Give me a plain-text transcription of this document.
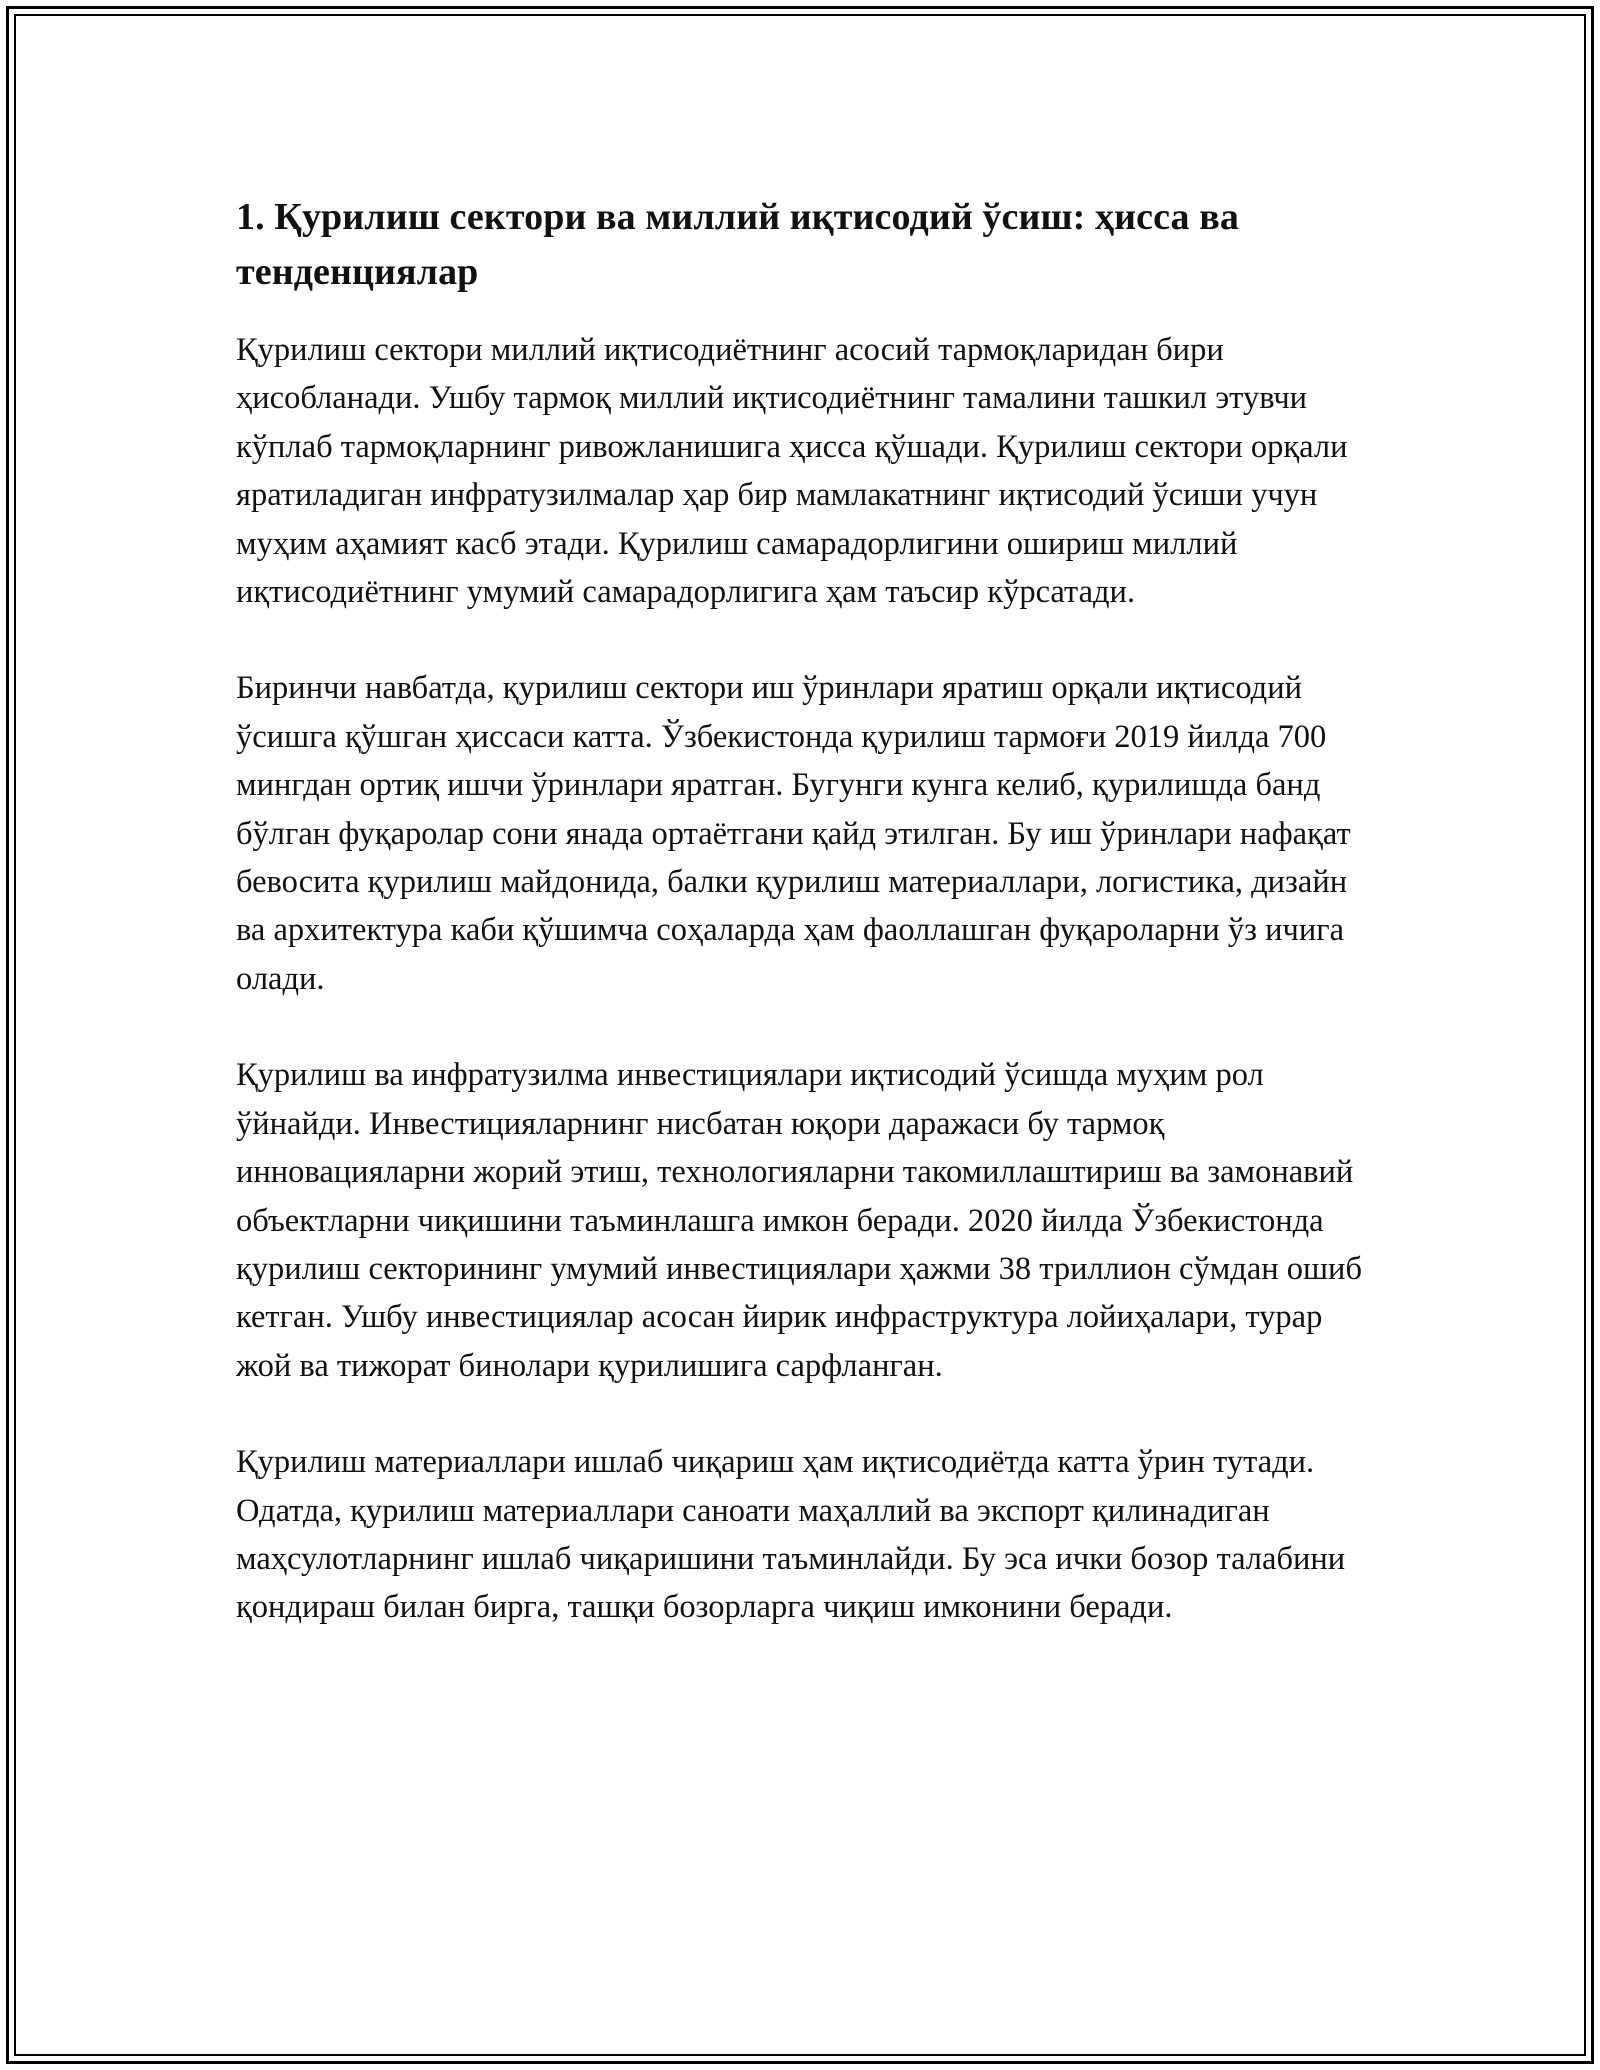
1. Қурилиш сектори ва миллий иқтисодий ўсиш: ҳисса ва тенденциялар

Қурилиш сектори миллий иқтисодиётнинг асосий тармоқларидан бири ҳисобланади. Ушбу тармоқ миллий иқтисодиётнинг тамалини ташкил этувчи кўплаб тармоқларнинг ривожланишига ҳисса қўшади. Қурилиш сектори орқали яратиладиган инфратузилмалар ҳар бир мамлакатнинг иқтисодий ўсиши учун муҳим аҳамият касб этади. Қурилиш самарадорлигини ошириш миллий иқтисодиётнинг умумий самарадорлигига ҳам таъсир кўрсатади.

Биринчи навбатда, қурилиш сектори иш ўринлари яратиш орқали иқтисодий ўсишга қўшган ҳиссаси катта. Ўзбекистонда қурилиш тармоғи 2019 йилда 700 мингдан ортиқ ишчи ўринлари яратган. Бугунги кунга келиб, қурилишда банд бўлган фуқаролар сони янада ортаётгани қайд этилган. Бу иш ўринлари нафақат бевосита қурилиш майдонида, балки қурилиш материаллари, логистика, дизайн ва архитектура каби қўшимча соҳаларда ҳам фаоллашган фуқароларни ўз ичига олади.

Қурилиш ва инфратузилма инвестициялари иқтисодий ўсишда муҳим рол ўйнайди. Инвестицияларнинг нисбатан юқори даражаси бу тармоқ инновацияларни жорий этиш, технологияларни такомиллаштириш ва замонавий объектларни чиқишини таъминлашга имкон беради. 2020 йилда Ўзбекистонда қурилиш секторининг умумий инвестициялари ҳажми 38 триллион сўмдан ошиб кетган. Ушбу инвестициялар асосан йирик инфраструктура лойиҳалари, турар жой ва тижорат бинолари қурилишига сарфланган.

Қурилиш материаллари ишлаб чиқариш ҳам иқтисодиётда катта ўрин тутади. Одатда, қурилиш материаллари саноати маҳаллий ва экспорт қилинадиган маҳсулотларнинг ишлаб чиқаришини таъминлайди. Бу эса ички бозор талабини қондираш билан бирга, ташқи бозорларга чиқиш имконини беради.
